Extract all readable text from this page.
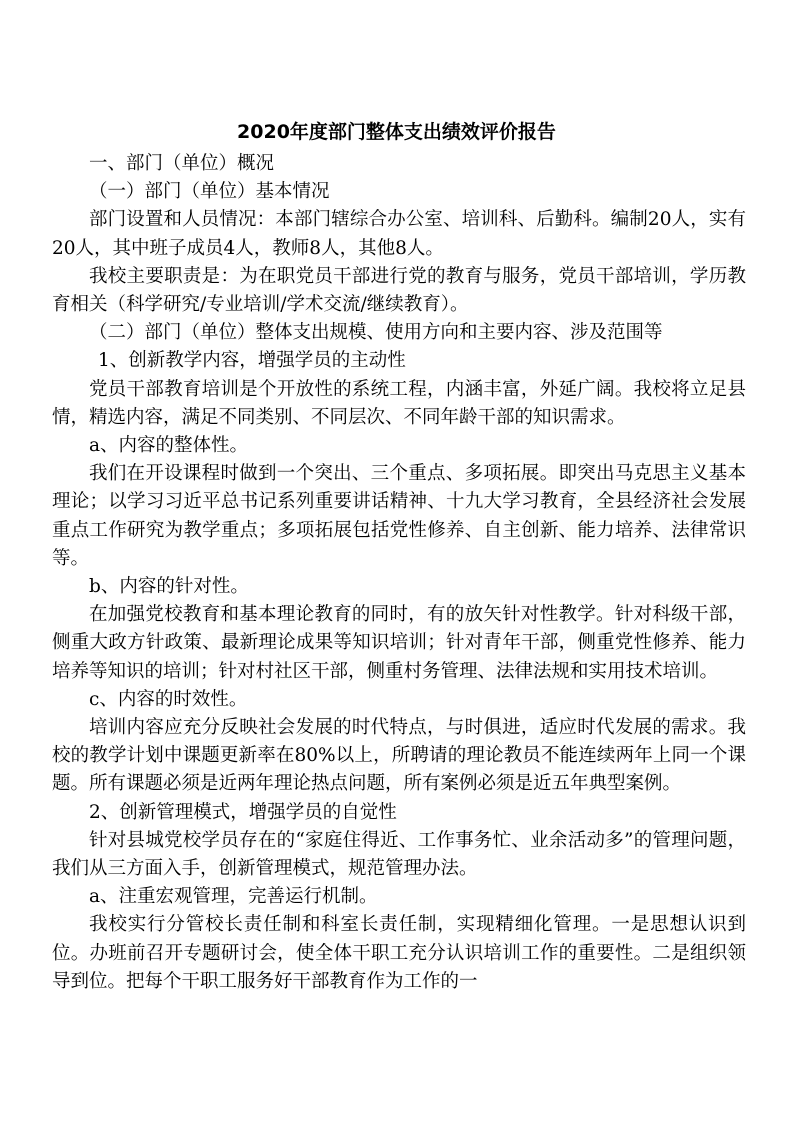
2020年度部门整体支出绩效评价报告

一、部门（单位）概况

（一）部门（单位）基本情况

部门设置和人员情况：本部门辖综合办公室、培训科、后勤科。编制20人，实有20人，其中班子成员4人，教师8人，其他8人。

我校主要职责是：为在职党员干部进行党的教育与服务，党员干部培训，学历教育相关（科学研究/专业培训/学术交流/继续教育）。

（二）部门（单位）整体支出规模、使用方向和主要内容、涉及范围等

1、创新教学内容，增强学员的主动性

党员干部教育培训是个开放性的系统工程，内涵丰富，外延广阔。我校将立足县情，精选内容，满足不同类别、不同层次、不同年龄干部的知识需求。

a、内容的整体性。

我们在开设课程时做到一个突出、三个重点、多项拓展。即突出马克思主义基本理论；以学习习近平总书记系列重要讲话精神、十九大学习教育，全县经济社会发展重点工作研究为教学重点；多项拓展包括党性修养、自主创新、能力培养、法律常识等。

b、内容的针对性。

在加强党校教育和基本理论教育的同时，有的放矢针对性教学。针对科级干部，侧重大政方针政策、最新理论成果等知识培训；针对青年干部，侧重党性修养、能力培养等知识的培训；针对村社区干部，侧重村务管理、法律法规和实用技术培训。

c、内容的时效性。

培训内容应充分反映社会发展的时代特点，与时俱进，适应时代发展的需求。我校的教学计划中课题更新率在80%以上，所聘请的理论教员不能连续两年上同一个课题。所有课题必须是近两年理论热点问题，所有案例必须是近五年典型案例。

2、创新管理模式，增强学员的自觉性

针对县城党校学员存在的“家庭住得近、工作事务忙、业余活动多”的管理问题，我们从三方面入手，创新管理模式，规范管理办法。

a、注重宏观管理，完善运行机制。

我校实行分管校长责任制和科室长责任制，实现精细化管理。一是思想认识到位。办班前召开专题研讨会，使全体干职工充分认识培训工作的重要性。二是组织领导到位。把每个干职工服务好干部教育作为工作的一
